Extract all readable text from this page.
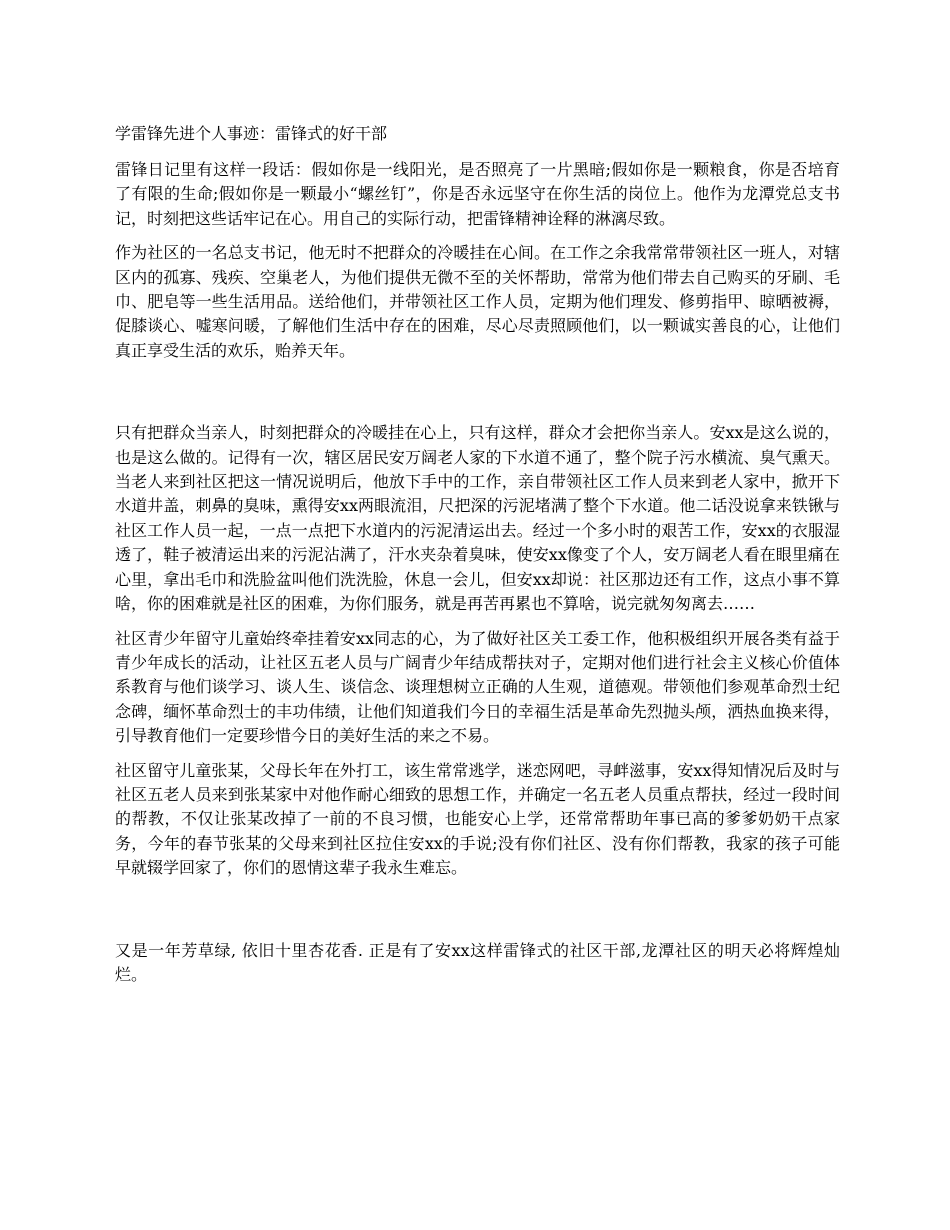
学雷锋先进个人事迹：雷锋式的好干部

雷锋日记里有这样一段话：假如你是一线阳光，是否照亮了一片黑暗;假如你是一颗粮食，你是否培育了有限的生命;假如你是一颗最小“螺丝钉”，你是否永远坚守在你生活的岗位上。他作为龙潭党总支书记，时刻把这些话牢记在心。用自己的实际行动，把雷锋精神诠释的淋漓尽致。

作为社区的一名总支书记，他无时不把群众的冷暖挂在心间。在工作之余我常常带领社区一班人，对辖区内的孤寡、残疾、空巢老人，为他们提供无微不至的关怀帮助，常常为他们带去自己购买的牙刷、毛巾、肥皂等一些生活用品。送给他们，并带领社区工作人员，定期为他们理发、修剪指甲、晾晒被褥，促膝谈心、嘘寒问暖，了解他们生活中存在的困难，尽心尽责照顾他们，以一颗诚实善良的心，让他们真正享受生活的欢乐，贻养天年。

只有把群众当亲人，时刻把群众的冷暖挂在心上，只有这样，群众才会把你当亲人。安xx是这么说的，也是这么做的。记得有一次，辖区居民安万阔老人家的下水道不通了，整个院子污水横流、臭气熏天。当老人来到社区把这一情况说明后，他放下手中的工作，亲自带领社区工作人员来到老人家中，掀开下水道井盖，刺鼻的臭味，熏得安xx两眼流泪，尺把深的污泥堵满了整个下水道。他二话没说拿来铁锹与社区工作人员一起，一点一点把下水道内的污泥清运出去。经过一个多小时的艰苦工作，安xx的衣服湿透了，鞋子被清运出来的污泥沾满了，汗水夹杂着臭味，使安xx像变了个人，安万阔老人看在眼里痛在心里，拿出毛巾和洗脸盆叫他们洗洗脸，休息一会儿，但安xx却说：社区那边还有工作，这点小事不算啥，你的困难就是社区的困难，为你们服务，就是再苦再累也不算啥，说完就匆匆离去……

社区青少年留守儿童始终牵挂着安xx同志的心，为了做好社区关工委工作，他积极组织开展各类有益于青少年成长的活动，让社区五老人员与广阔青少年结成帮扶对子，定期对他们进行社会主义核心价值体系教育与他们谈学习、谈人生、谈信念、谈理想树立正确的人生观，道德观。带领他们参观革命烈士纪念碑，缅怀革命烈士的丰功伟绩，让他们知道我们今日的幸福生活是革命先烈抛头颅，洒热血换来得，引导教育他们一定要珍惜今日的美好生活的来之不易。

社区留守儿童张某，父母长年在外打工，该生常常逃学，迷恋网吧，寻衅滋事，安xx得知情况后及时与社区五老人员来到张某家中对他作耐心细致的思想工作，并确定一名五老人员重点帮扶，经过一段时间的帮教，不仅让张某改掉了一前的不良习惯，也能安心上学，还常常帮助年事已高的爹爹奶奶干点家务，今年的春节张某的父母来到社区拉住安xx的手说;没有你们社区、没有你们帮教，我家的孩子可能早就辍学回家了，你们的恩情这辈子我永生难忘。

又是一年芳草绿, 依旧十里杏花香. 正是有了安xx这样雷锋式的社区干部,龙潭社区的明天必将辉煌灿烂。
